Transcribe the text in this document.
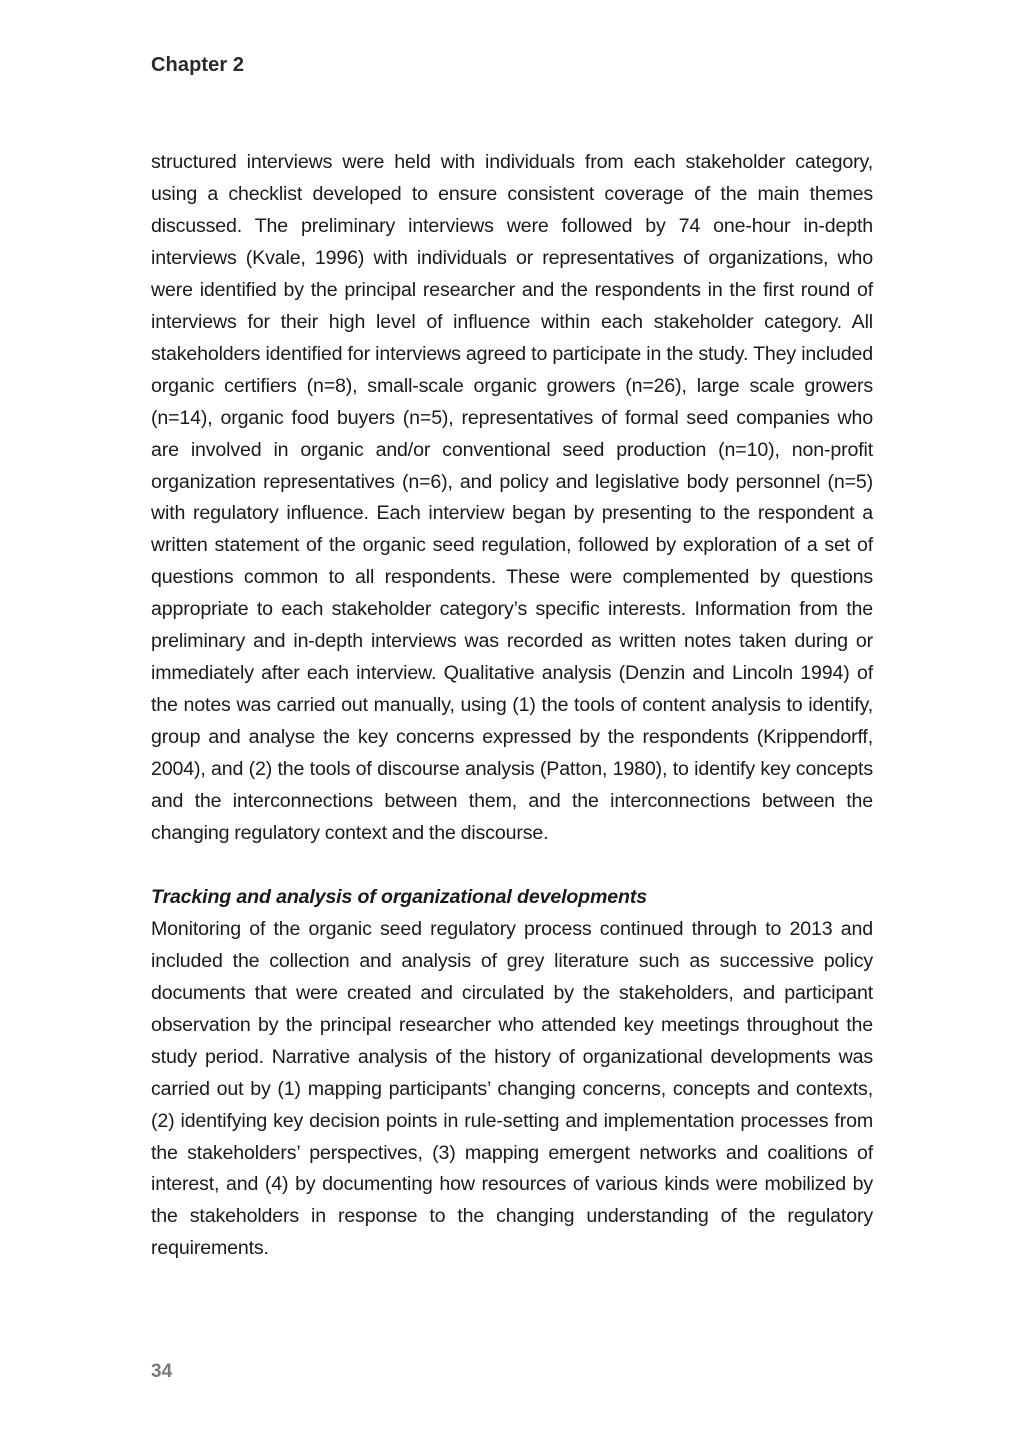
Chapter 2

structured interviews were held with individuals from each stakeholder category, using a checklist developed to ensure consistent coverage of the main themes discussed. The preliminary interviews were followed by 74 one-hour in-depth interviews (Kvale, 1996) with individuals or representatives of organizations, who were identified by the principal researcher and the respondents in the first round of interviews for their high level of influence within each stakeholder category. All stakeholders identified for interviews agreed to participate in the study. They included organic certifiers (n=8), small-scale organic growers (n=26), large scale growers (n=14), organic food buyers (n=5), representatives of formal seed companies who are involved in organic and/or conventional seed production (n=10), non-profit organization representatives (n=6), and policy and legislative body personnel (n=5) with regulatory influence. Each interview began by presenting to the respondent a written statement of the organic seed regulation, followed by exploration of a set of questions common to all respondents. These were complemented by questions appropriate to each stakeholder category’s specific interests. Information from the preliminary and in-depth interviews was recorded as written notes taken during or immediately after each interview. Qualitative analysis (Denzin and Lincoln 1994) of the notes was carried out manually, using (1) the tools of content analysis to identify, group and analyse the key concerns expressed by the respondents (Krippendorff, 2004), and (2) the tools of discourse analysis (Patton, 1980), to identify key concepts and the interconnections between them, and the interconnections between the changing regulatory context and the discourse.

Tracking and analysis of organizational developments

Monitoring of the organic seed regulatory process continued through to 2013 and included the collection and analysis of grey literature such as successive policy documents that were created and circulated by the stakeholders, and participant observation by the principal researcher who attended key meetings throughout the study period. Narrative analysis of the history of organizational developments was carried out by (1) mapping participants’ changing concerns, concepts and contexts, (2) identifying key decision points in rule-setting and implementation processes from the stakeholders’ perspectives, (3) mapping emergent networks and coalitions of interest, and (4) by documenting how resources of various kinds were mobilized by the stakeholders in response to the changing understanding of the regulatory requirements.

34
